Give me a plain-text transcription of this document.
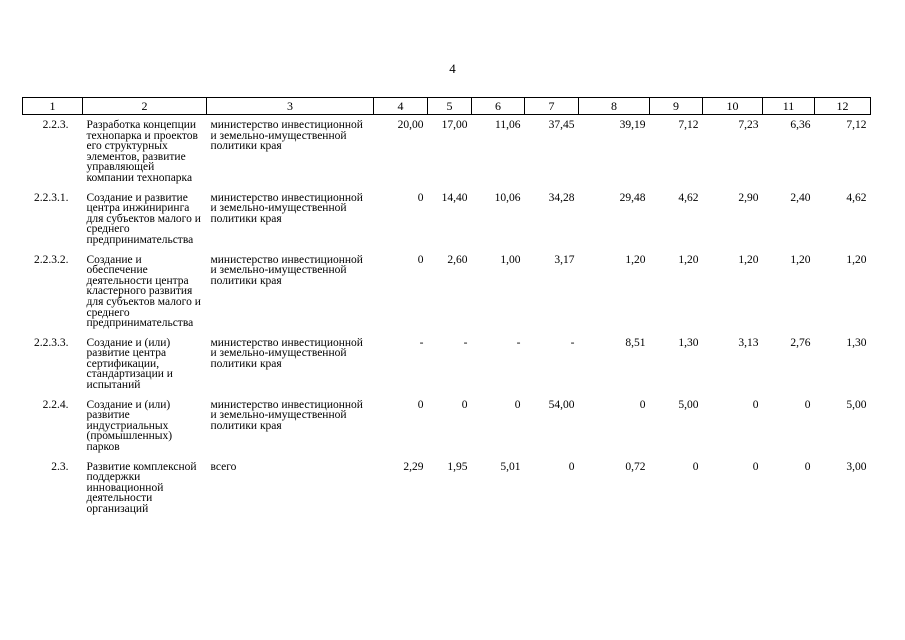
4
1	2	3	4	5	6	7	8	9	10	11	12

2.2.3.	Разработка концепции технопарка и проектов его структурных элементов, развитие управляющей компании технопарка	министерство инвестиционной и земельно-имущественной политики края	20,00	17,00	11,06	37,45	39,19	7,12	7,23	6,36	7,12

2.2.3.1.	Создание и развитие центра инжиниринга для субъектов малого и среднего предпринимательства	министерство инвестиционной и земельно-имущественной политики края	0	14,40	10,06	34,28	29,48	4,62	2,90	2,40	4,62

2.2.3.2.	Создание и обеспечение деятельности центра кластерного развития для субъектов малого и среднего предпринимательства	министерство инвестиционной и земельно-имущественной политики края	0	2,60	1,00	3,17	1,20	1,20	1,20	1,20	1,20

2.2.3.3.	Создание и (или) развитие центра сертификации, стандартизации и испытаний	министерство инвестиционной и земельно-имущественной политики края	-	-	-	-	8,51	1,30	3,13	2,76	1,30

2.2.4.	Создание и (или) развитие индустриальных (промышленных) парков	министерство инвестиционной и земельно-имущественной политики края	0	0	0	54,00	0	5,00	0	0	5,00

2.3.	Развитие комплексной поддержки инновационной деятельности организаций	всего	2,29	1,95	5,01	0	0,72	0	0	0	3,00
